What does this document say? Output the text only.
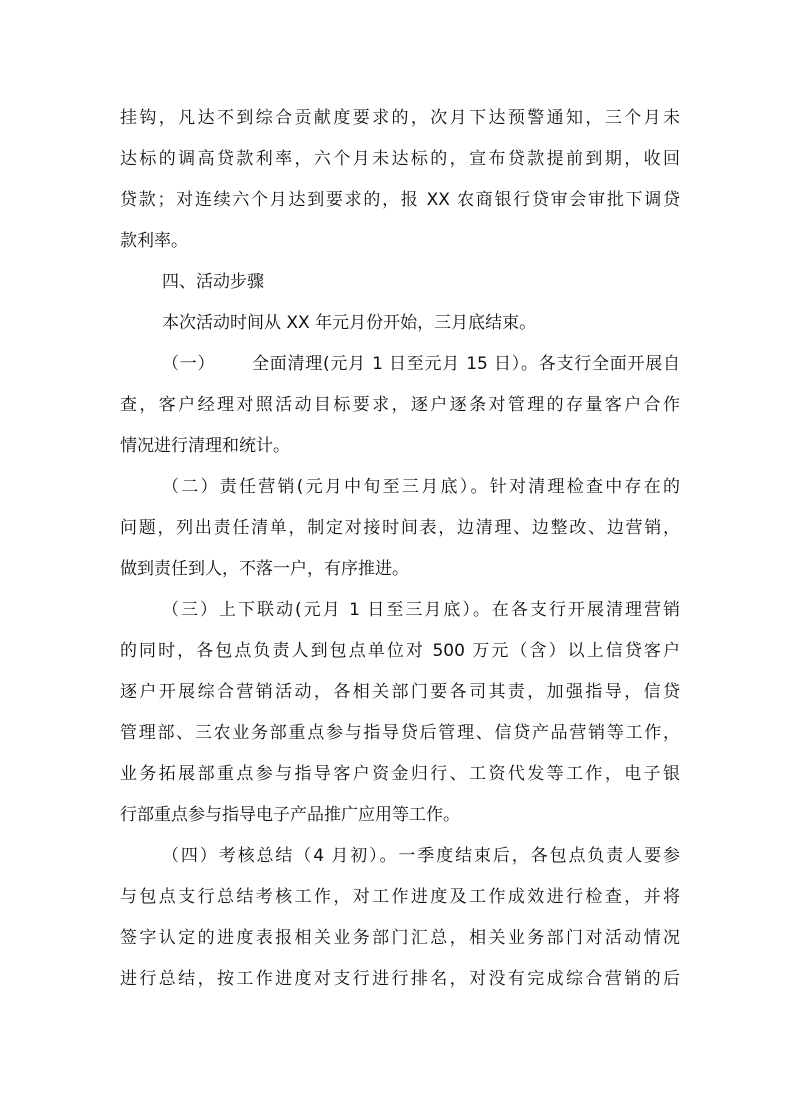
挂钩，凡达不到综合贡献度要求的，次月下达预警通知，三个月未
达标的调高贷款利率，六个月未达标的，宣布贷款提前到期，收回
贷款；对连续六个月达到要求的，报 XX 农商银行贷审会审批下调贷
款利率。
四、活动步骤
本次活动时间从 XX 年元月份开始，三月底结束。
（一） 全面清理(元月 1 日至元月 15 日）。各支行全面开展自
查，客户经理对照活动目标要求，逐户逐条对管理的存量客户合作
情况进行清理和统计。
（二）责任营销(元月中旬至三月底）。针对清理检查中存在的
问题，列出责任清单，制定对接时间表，边清理、边整改、边营销，
做到责任到人，不落一户，有序推进。
（三）上下联动(元月 1 日至三月底）。在各支行开展清理营销
的同时，各包点负责人到包点单位对 500 万元（含）以上信贷客户
逐户开展综合营销活动，各相关部门要各司其责，加强指导，信贷
管理部、三农业务部重点参与指导贷后管理、信贷产品营销等工作，
业务拓展部重点参与指导客户资金归行、工资代发等工作，电子银
行部重点参与指导电子产品推广应用等工作。
（四）考核总结（4 月初）。一季度结束后，各包点负责人要参
与包点支行总结考核工作，对工作进度及工作成效进行检查，并将
签字认定的进度表报相关业务部门汇总，相关业务部门对活动情况
进行总结，按工作进度对支行进行排名，对没有完成综合营销的后
